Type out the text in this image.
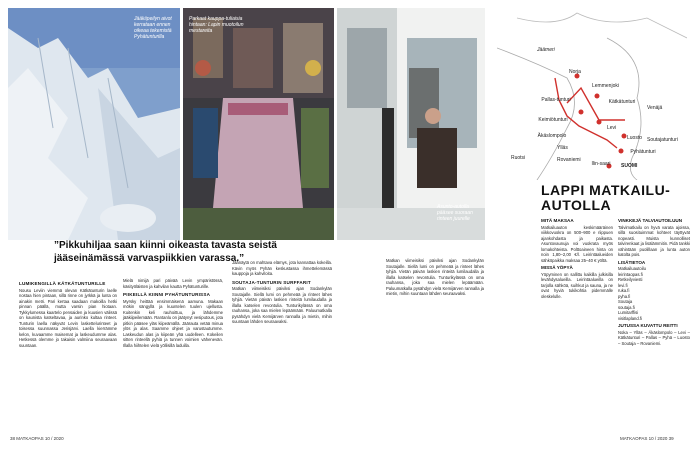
Jääkiipeilyn aivot kerrataan ennen oikeaa tekemistä Pyhätunturilla
Parkaat kauppa-tuliaisia hintaan: Lapin muotoilun mestareita
Asunto-autolla pääsee suoraan rinteen juurelle
”Pikkuhiljaa saan kiinni oikeasta tavasta seistä jääseinämässä varvaspiikkien varassa.”
LUMIKENGILLÄ KÄTKÄTUNTURILLE

Nousu Leviin viemmä olevan Kätkätunturin laelle nostaa hien pintaan, sillä rinne on jyrkkä ja lunta on ainakin metri. Pari kertaa saadaan makoilla hetki pinnan päällä, mutta varsin pian hiotaan. Tykkylumessa kaartelo pensaiden ja kuusien välissä on kaunista katseltavaa, ja aurinko kultaa rinteet. Tunturin laella näkyvät Levin laskettelurinteet ja toisessa suunnassa Jerisjärvi. Laella kierrämme kelon, kuvaamme maisemat ja laskeudumme alas. Hetkessä olemme jo takaisin valmiina seuraavaan suuntaan.

Mielä nimijä pari päivää Levin ympäristössä, käsityöläisten ja kahvilan kautta Pyhätunturille.

PIIKEILLÄ KIINNI PYHÄTUNTURISSA

Myrsky heittää ensimmäisenä aamuna. Makaan mökin sängyllä ja kuuntelen tuulen ujellusta. Kuitenkin keli rauhoittuu, ja lähdemme jääkiipeilemään. Rantanlu on jäätynyt vesiputous, jota pitkin pääsee yläs kiipeämällä. Jäärauta vetää minua ylös ja alas. Saamme ohjeet ja varustautumme. Laskeudun alas ja kiipeän yhä uudelleen. Kokeilen sitten rinteellä pyhiä ja tunnen voimien vähenevän. Illalla hiihtelen vielä yöllisillä laduilla.

Jäänäytä on mahtava elämys, jota kannattaa kokeilla. Kävin myös Pyhän keskustassa ihmettelemässä kauppoja ja kahviloita.

SOUTAJA-TUNTURIN SURFFARIT

Matkan viimeisiksi päiviksi ajan Sodankylän Soutajalle. Siellä lumi on pehmeää ja rinteet lähes tyhjiä. Vietän päivän laskien rinteitä lumilaudalla ja illalla katselen revontulia. Tunturikylässä on oma rauhansa, joka saa mielen lepäämään. Paluumatkalla pysähdyn vielä Kemijärven rannalla ja mietin, mihin suuntaan lähden seuraavaksi.

Matkan viimeisiksi päiviksi ajan Sodankylän Soutajalle. Siellä lumi on pehmeää ja rinteet lähes tyhjiä. Vietän päivän laskien rinteitä lumilaudalla ja illalla katselen revontulia. Tunturikylässä on oma rauhansa, joka saa mielen lepäämään. Paluumatkalla pysähdyn vielä Kemijärven rannalla ja mietin, mihin suuntaan lähden seuraavaksi.

Jäämeri
Norja
Lemmenjoki
Pallas-tunturi	Kätkätunturi
Venäjä
Keimiötunturi
Levi
Luosto
Äkäslompolo
Ylläs
Soutajatunturi
Pyhätunturi
Ruotsi	Rovaniemi
Ilin-saari SUOMI
LAPPI MATKAILU-AUTOLLA
MITÄ MAKSAA

Matkailuauton keskimääräinen viikkovuokra on 500–900 e riippuen ajankohdasta ja paikasta. Asuntovaunuja voi vuokrata myös lomakohteista. Polttoaineen hinta on noin 1,80–2,00 €/l. Leirintäalueiden sähköpaikka maksaa 25–40 € yöltä.

MISSÄ YÖPYÄ

Yöpyminen on sallittu kaikilla julkisilla levähdysalueilla. Leirintäalueilla on tarjolla sähköä, suihkut ja sauna, ja ne ovat hyviä tukikohtia pidemmälle oleskelulle.

VINKKEJÄ TALVIAUTOILUUN

Talvimatkailu on hyvä varata ajoissa, sillä suosituimmat kohteet täyttyvät nopeasti. Muista kunnolliset talvirenkaat ja lisälämmitin. Pidä tankki vähintään puolillaan ja lunta auton katolta pois.

LISÄTIETOA
Matkailuautoilu
leirintaopas.fi
Retkeilyviesti
levi.fi
ruka.fi
pyha.fi
Soutaja
soutaja.fi
Lumitarffisi
visitlapland.fi
JUTUSSA KUVATTU REITTI

Noka – Ylläs – Äkäslompolo – Levi – Kätkätunturi – Pallas – Pyhä – Luosto – Soutaja – Rovaniemi.

38 MATKAOPAS 10 / 2020	MATKAOPAS 10 / 2020 39
